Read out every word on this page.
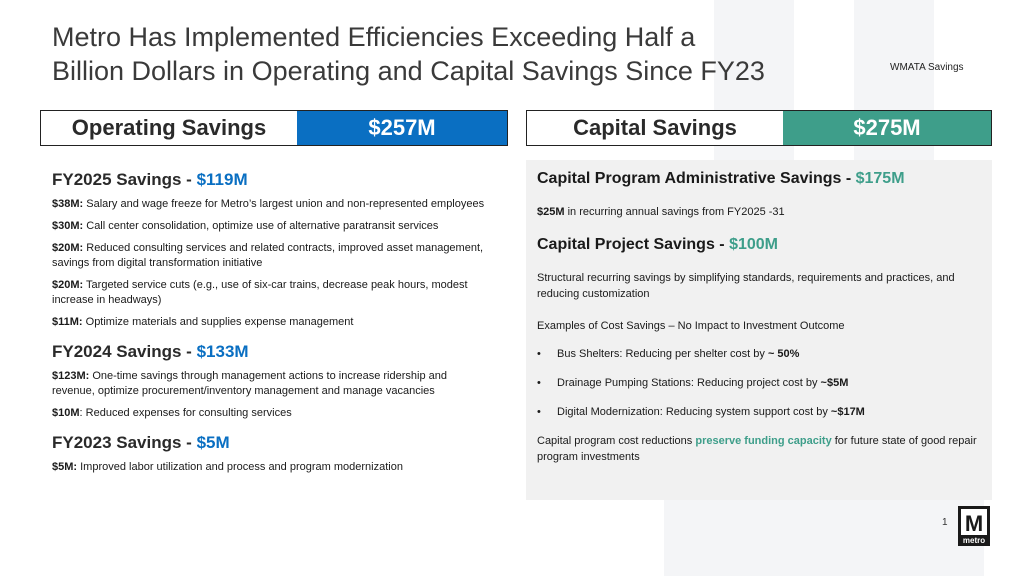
Metro Has Implemented Efficiencies Exceeding Half a
Billion Dollars in Operating and Capital Savings Since FY23	WMATA Savings
Operating Savings	$257M	Capital Savings	$275M
FY2025 Savings - $119M

$38M: Salary and wage freeze for Metro’s largest union and non-represented employees

$30M: Call center consolidation, optimize use of alternative paratransit services

$20M: Reduced consulting services and related contracts, improved asset management, savings from digital transformation initiative

$20M: Targeted service cuts (e.g., use of six-car trains, decrease peak hours, modest increase in headways)

$11M: Optimize materials and supplies expense management

FY2024 Savings - $133M

$123M: One-time savings through management actions to increase ridership and revenue, optimize procurement/inventory management and manage vacancies

$10M: Reduced expenses for consulting services

FY2023 Savings - $5M

$5M: Improved labor utilization and process and program modernization

Capital Program Administrative Savings - $175M

$25M in recurring annual savings from FY2025 -31

Capital Project Savings - $100M

Structural recurring savings by simplifying standards, requirements and practices, and reducing customization

Examples of Cost Savings – No Impact to Investment Outcome

• Bus Shelters: Reducing per shelter cost by ~ 50%
• Drainage Pumping Stations: Reducing project cost by ~$5M
• Digital Modernization: Reducing system support cost by ~$17M

Capital program cost reductions preserve funding capacity for future state of good repair program investments

1 M
metro
